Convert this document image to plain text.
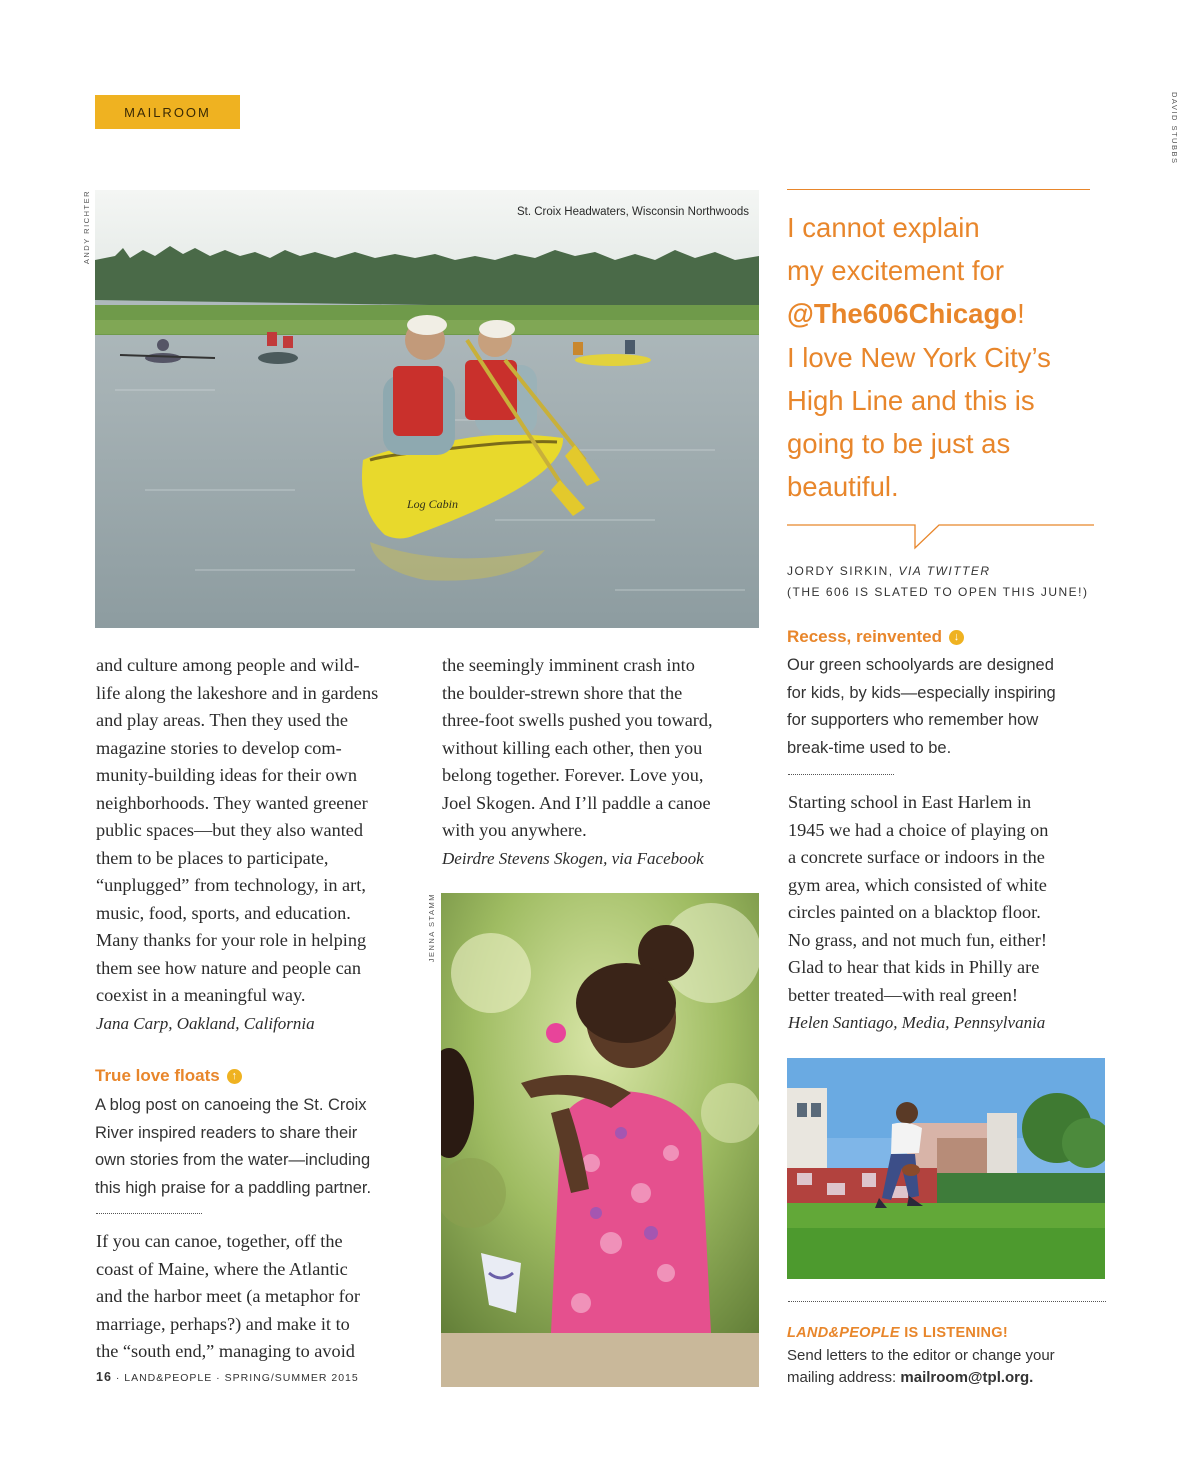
MAILROOM
ANDY RICHTER
DAVID STUBBS
JENNA STAMM
Log Cabin
St. Croix Headwaters, Wisconsin Northwoods

and culture among people and wild-

life along the lakeshore and in gardens

and play areas. Then they used the

magazine stories to develop com-

munity-building ideas for their own

neighborhoods. They wanted greener

public spaces—but they also wanted

them to be places to participate,

“unplugged” from technology, in art,

music, food, sports, and education.

Many thanks for your role in helping

them see how nature and people can

coexist in a meaningful way.

Jana Carp, Oakland, California

True love floats	↑
A blog post on canoeing the St. Croix
River inspired readers to share their
own stories from the water—including
this high praise for a paddling partner.

If you can canoe, together, off the

coast of Maine, where the Atlantic

and the harbor meet (a metaphor for

marriage, perhaps?) and make it to

the “south end,” managing to avoid

the seemingly imminent crash into

the boulder-strewn shore that the

three-foot swells pushed you toward,

without killing each other, then you

belong together. Forever. Love you,

Joel Skogen. And I’ll paddle a canoe

with you anywhere.

Deirdre Stevens Skogen, via Facebook

I cannot explain
my excitement for
@The606Chicago!
I love New York City’s
High Line and this is
going to be just as
beautiful.
JORDY SIRKIN, VIA TWITTER
(THE 606 IS SLATED TO OPEN THIS JUNE!)
Recess, reinvented	↓
Our green schoolyards are designed
for kids, by kids—especially inspiring
for supporters who remember how
break-time used to be.

Starting school in East Harlem in

1945 we had a choice of playing on

a concrete surface or indoors in the

gym area, which consisted of white

circles painted on a blacktop floor.

No grass, and not much fun, either!

Glad to hear that kids in Philly are

better treated—with real green!

Helen Santiago, Media, Pennsylvania

LAND&PEOPLE IS LISTENING!
Send letters to the editor or change your
mailing address: mailroom@tpl.org.
16 · LAND&PEOPLE · SPRING/SUMMER 2015
